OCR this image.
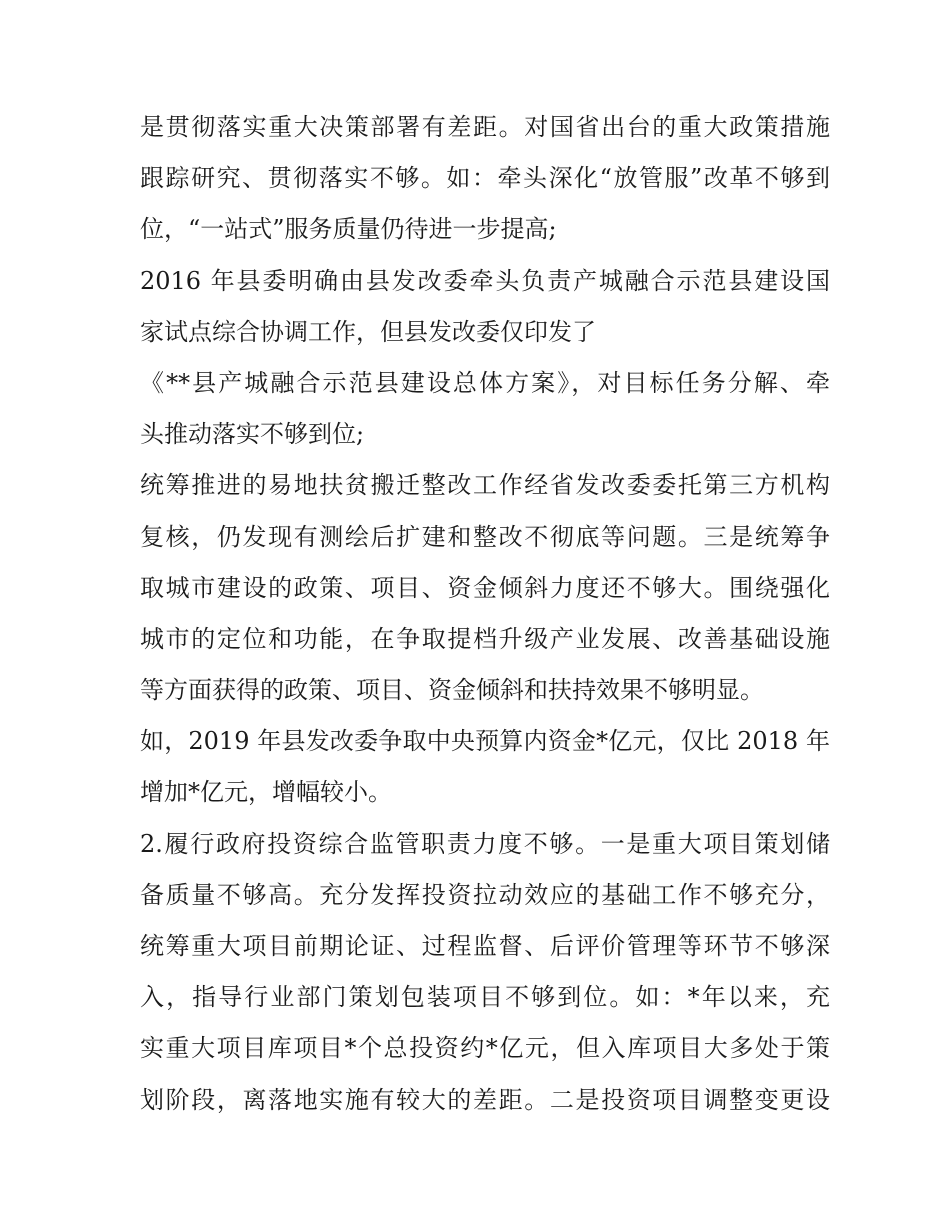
是贯彻落实重大决策部署有差距。对国省出台的重大政策措施
跟踪研究、贯彻落实不够。如：牵头深化“放管服”改革不够到
位，“一站式”服务质量仍待进一步提高;
2016 年县委明确由县发改委牵头负责产城融合示范县建设国
家试点综合协调工作，但县发改委仅印发了
《**县产城融合示范县建设总体方案》，对目标任务分解、牵
头推动落实不够到位;
统筹推进的易地扶贫搬迁整改工作经省发改委委托第三方机构
复核，仍发现有测绘后扩建和整改不彻底等问题。三是统筹争
取城市建设的政策、项目、资金倾斜力度还不够大。围绕强化
城市的定位和功能，在争取提档升级产业发展、改善基础设施
等方面获得的政策、项目、资金倾斜和扶持效果不够明显。
如，2019 年县发改委争取中央预算内资金*亿元，仅比 2018 年
增加*亿元，增幅较小。
2.履行政府投资综合监管职责力度不够。一是重大项目策划储
备质量不够高。充分发挥投资拉动效应的基础工作不够充分，
统筹重大项目前期论证、过程监督、后评价管理等环节不够深
入，指导行业部门策划包装项目不够到位。如：*年以来，充
实重大项目库项目*个总投资约*亿元，但入库项目大多处于策
划阶段，离落地实施有较大的差距。二是投资项目调整变更设
